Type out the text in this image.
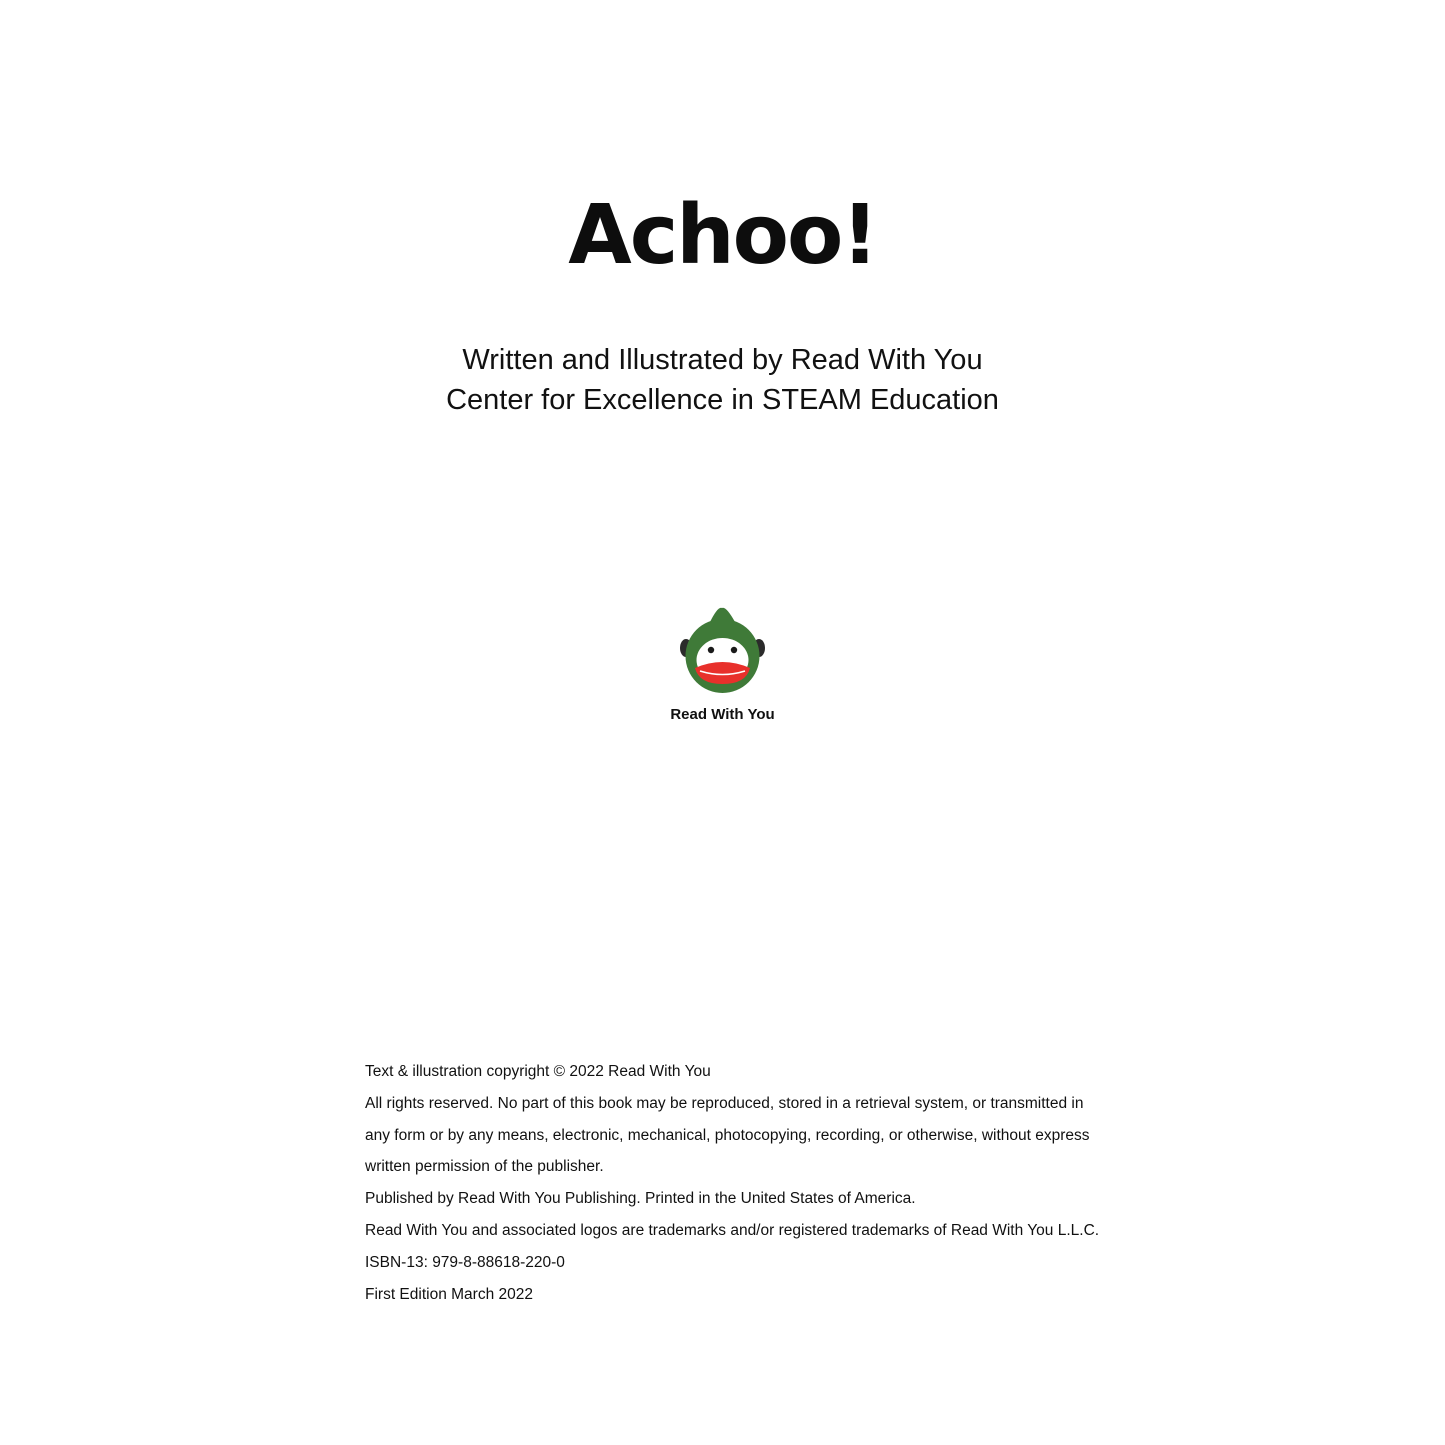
Achoo!
Written and Illustrated by Read With You
Center for Excellence in STEAM Education
Read With You
Text & illustration copyright © 2022 Read With You
All rights reserved. No part of this book may be reproduced, stored in a retrieval system, or transmitted in
any form or by any means, electronic, mechanical, photocopying, recording, or otherwise, without express
written permission of the publisher.
Published by Read With You Publishing. Printed in the United States of America.
Read With You and associated logos are trademarks and/or registered trademarks of Read With You L.L.C.
ISBN-13: 979-8-88618-220-0
First Edition March 2022
